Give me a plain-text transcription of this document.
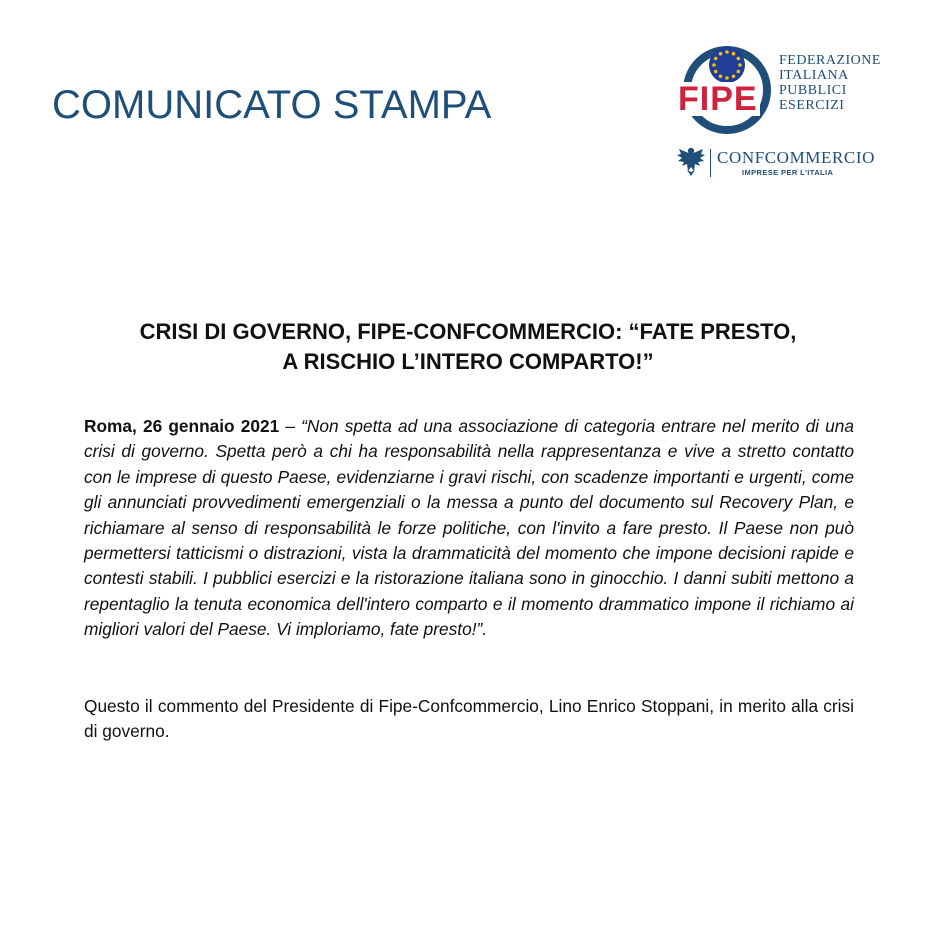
COMUNICATO STAMPA	FIPE
FEDERAZIONE
ITALIANA
PUBBLICI
ESERCIZI
CONFCOMMERCIO
IMPRESE PER L'ITALIA
CRISI DI GOVERNO, FIPE-CONFCOMMERCIO: “FATE PRESTO,
A RISCHIO L’INTERO COMPARTO!”
Roma, 26 gennaio 2021 – “Non spetta ad una associazione di categoria entrare nel merito di una crisi di governo. Spetta però a chi ha responsabilità nella rappresentanza e vive a stretto contatto con le imprese di questo Paese, evidenziarne i gravi rischi, con scadenze importanti e urgenti, come gli annunciati provvedimenti emergenziali o la messa a punto del documento sul Recovery Plan, e richiamare al senso di responsabilità le forze politiche, con l'invito a fare presto. Il Paese non può permettersi tatticismi o distrazioni, vista la drammaticità del momento che impone decisioni rapide e contesti stabili. I pubblici esercizi e la ristorazione italiana sono in ginocchio. I danni subiti mettono a repentaglio la tenuta economica dell'intero comparto e il momento drammatico impone il richiamo ai migliori valori del Paese. Vi imploriamo, fate presto!”.
Questo il commento del Presidente di Fipe-Confcommercio, Lino Enrico Stoppani, in merito alla crisi di governo.
